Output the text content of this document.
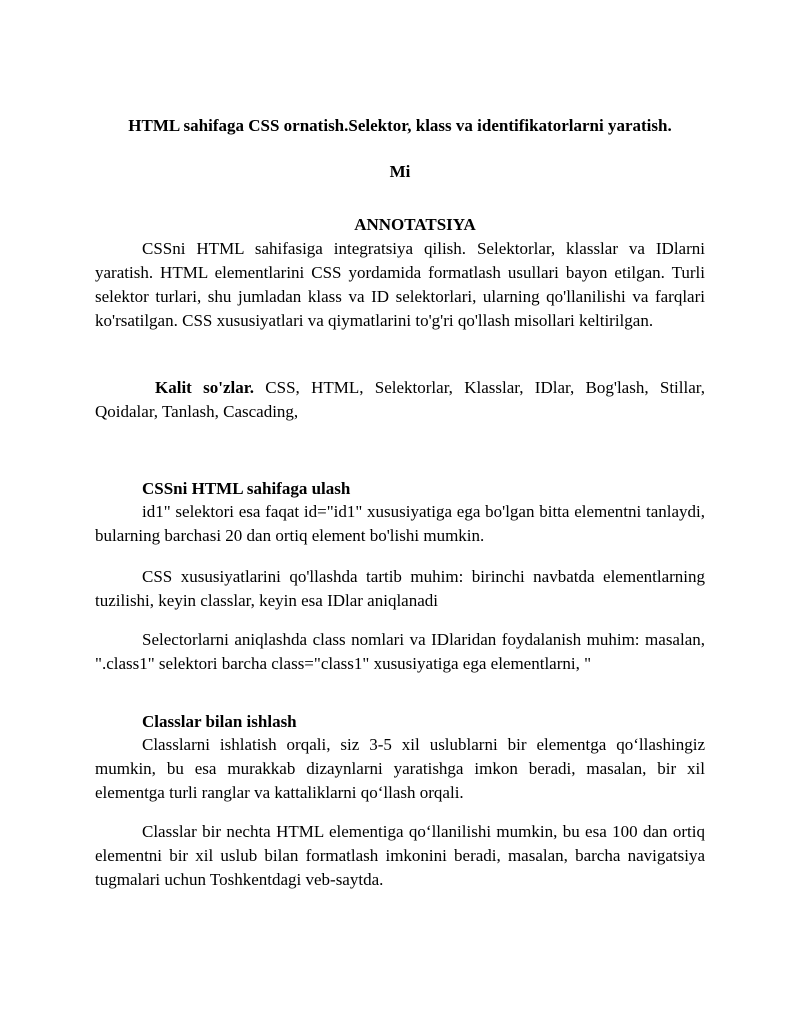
HTML sahifaga CSS ornatish.Selektor, klass va identifikatorlarni yaratish.
Mi
ANNOTATSIYA

CSSni HTML sahifasiga integratsiya qilish. Selektorlar, klasslar va IDlarni yaratish. HTML elementlarini CSS yordamida formatlash usullari bayon etilgan. Turli selektor turlari, shu jumladan klass va ID selektorlari, ularning qo'llanilishi va farqlari ko'rsatilgan. CSS xususiyatlari va qiymatlarini to'g'ri qo'llash misollari keltirilgan.

Kalit so'zlar. CSS, HTML, Selektorlar, Klasslar, IDlar, Bog'lash, Stillar, Qoidalar, Tanlash, Cascading,

CSSni HTML sahifaga ulash

id1" selektori esa faqat id="id1" xususiyatiga ega bo'lgan bitta elementni tanlaydi, bularning barchasi 20 dan ortiq element bo'lishi mumkin.

CSS xususiyatlarini qo'llashda tartib muhim: birinchi navbatda elementlarning tuzilishi, keyin classlar, keyin esa IDlar aniqlanadi

Selectorlarni aniqlashda class nomlari va IDlaridan foydalanish muhim: masalan, ".class1" selektori barcha class="class1" xususiyatiga ega elementlarni, "

Classlar bilan ishlash

Classlarni ishlatish orqali, siz 3-5 xil uslublarni bir elementga qo‘llashingiz mumkin, bu esa murakkab dizaynlarni yaratishga imkon beradi, masalan, bir xil elementga turli ranglar va kattaliklarni qo‘llash orqali.

Classlar bir nechta HTML elementiga qo‘llanilishi mumkin, bu esa 100 dan ortiq elementni bir xil uslub bilan formatlash imkonini beradi, masalan, barcha navigatsiya tugmalari uchun Toshkentdagi veb-saytda.
